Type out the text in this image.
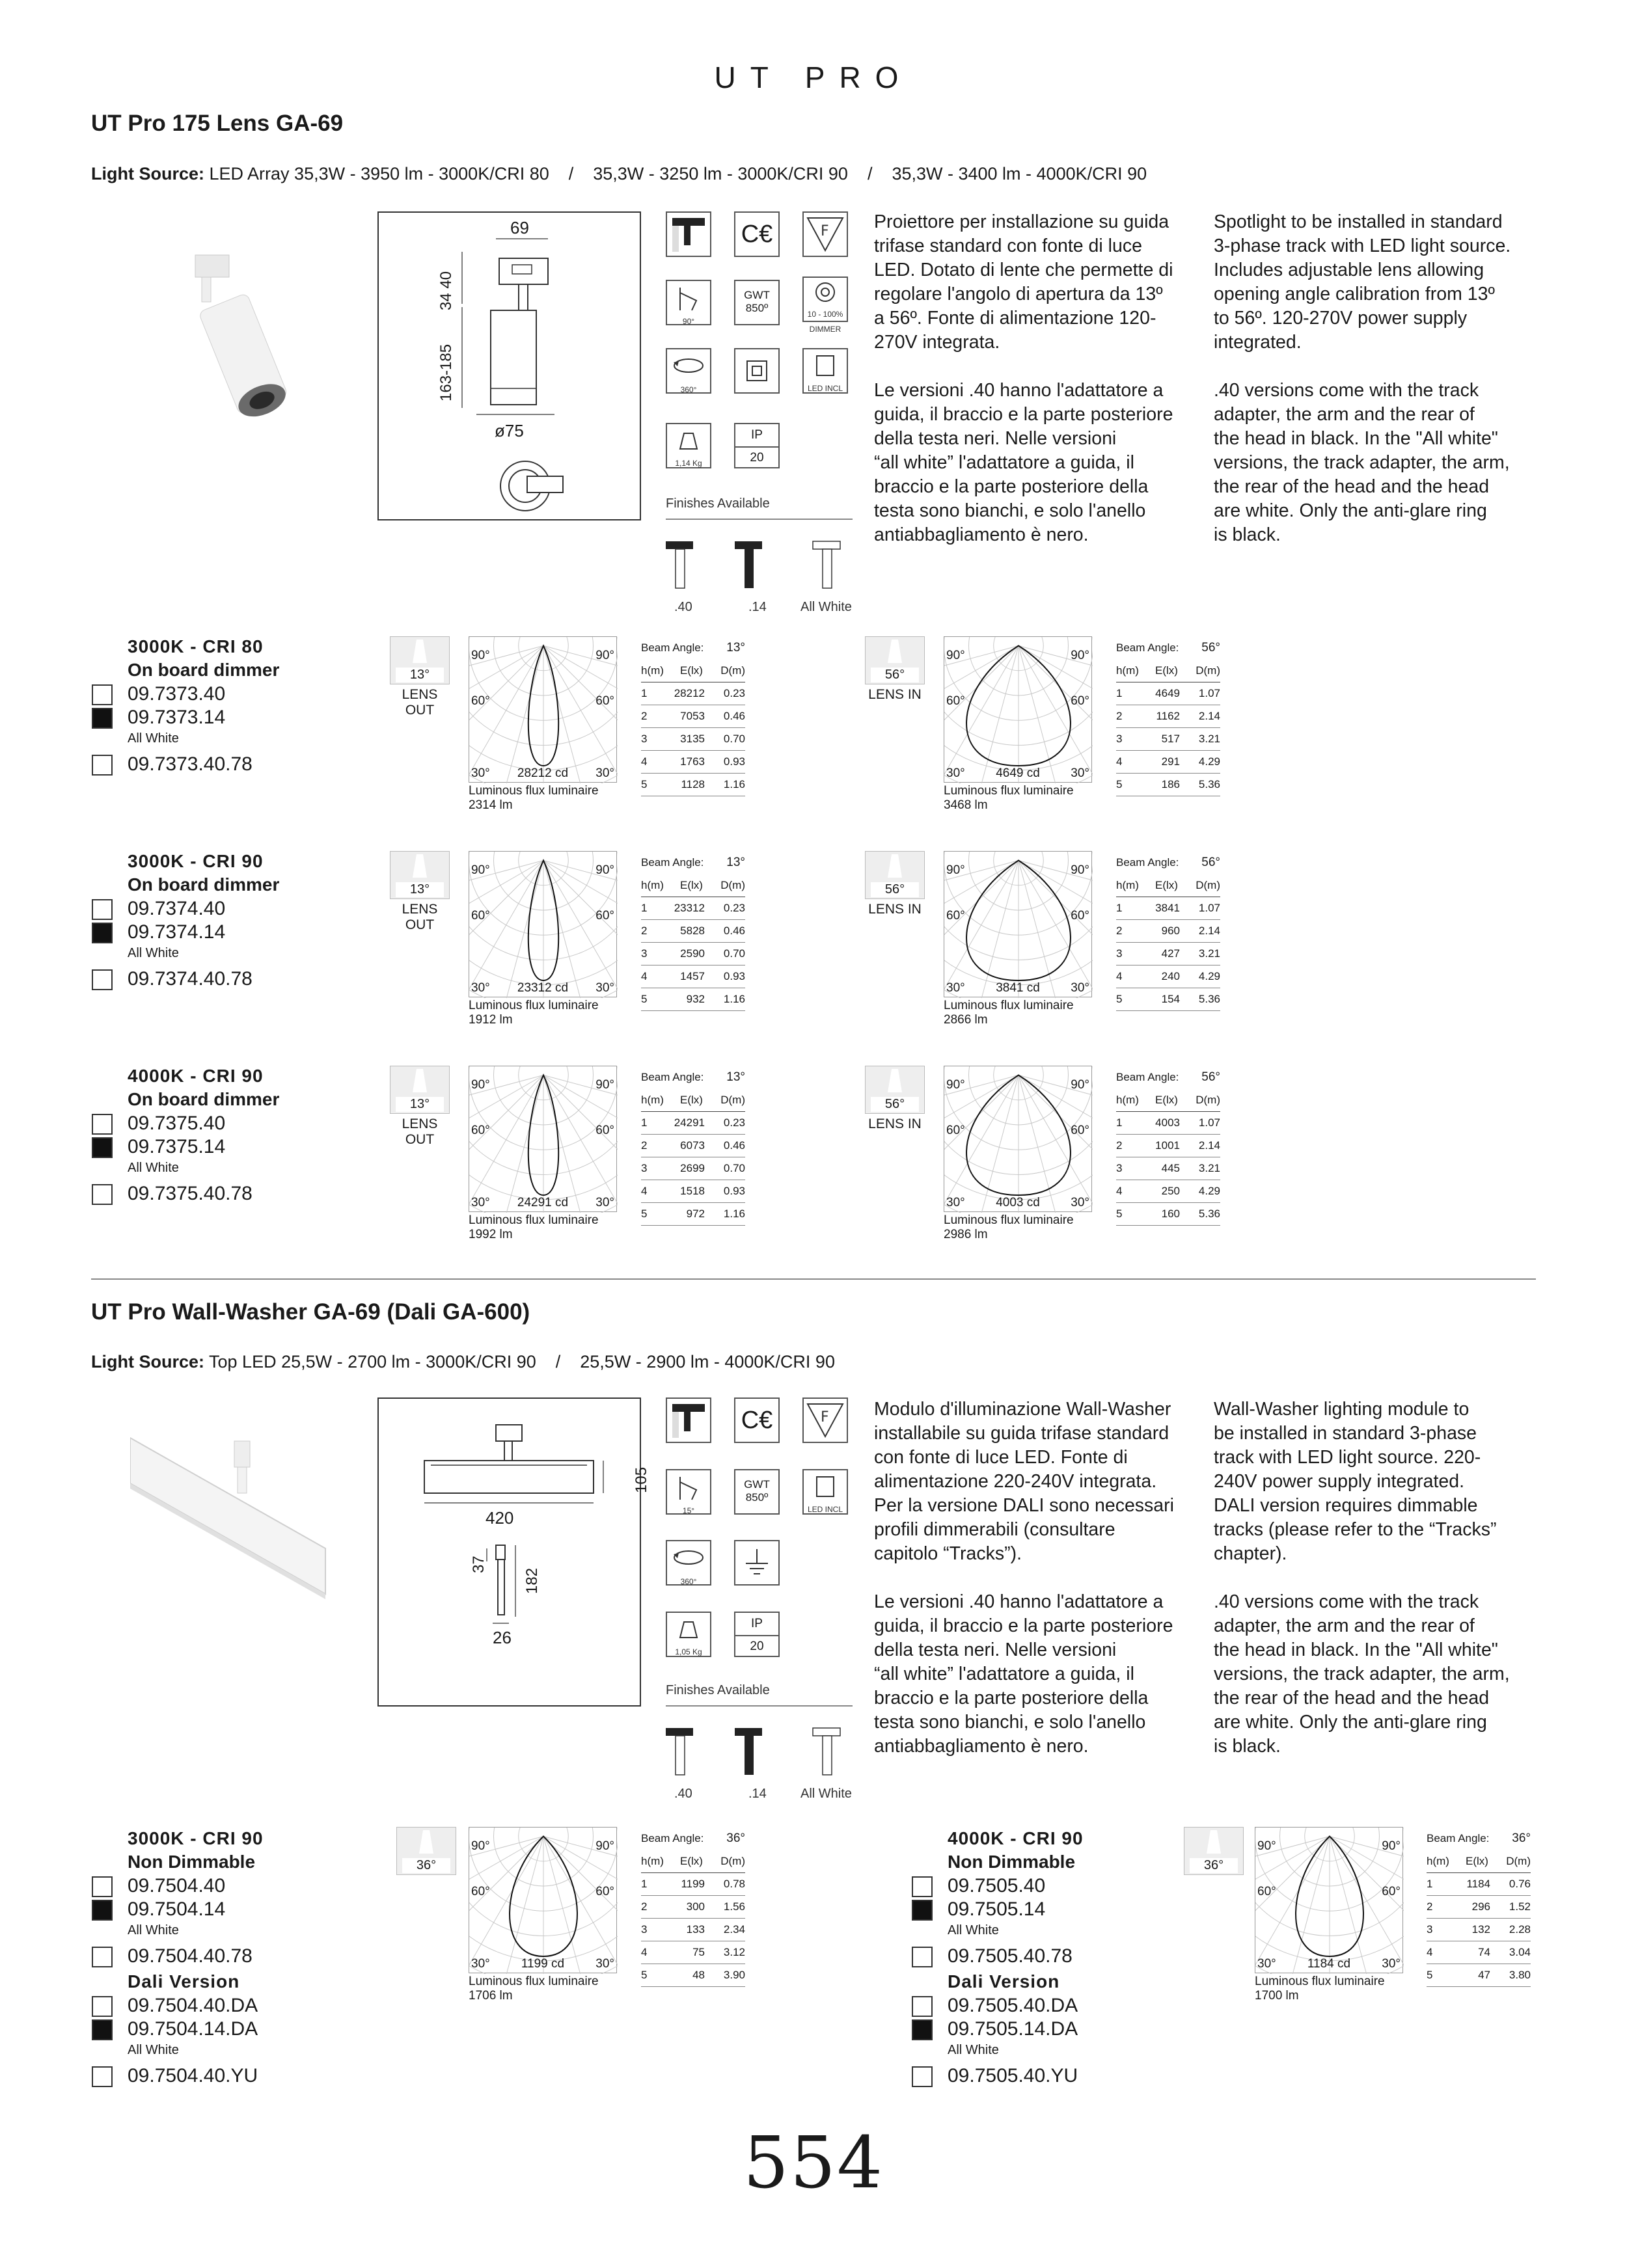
UT PRO
UT Pro 175 Lens GA-69
Light Source: LED Array 35,3W - 3950 lm - 3000K/CRI 80    /    35,3W - 3250 lm - 3000K/CRI 90    /    35,3W - 3400 lm - 4000K/CRI 90
69
34 40
163-185
ø75
C€	F
90°
GWT 850º	10 - 100%
DIMMER
360°	LED INCL
1,14 Kg
IP
20
Finishes Available
.40	.14	All White
Proiettore per installazione su guida
trifase standard con fonte di luce
LED. Dotato di lente che permette di
regolare l'angolo di apertura da 13º
a 56º. Fonte di alimentazione 120-
270V integrata.

Le versioni .40 hanno l'adattatore a
guida, il braccio e la parte posteriore
della testa neri. Nelle versioni
“all white” l'adattatore a guida, il
braccio e la parte posteriore della
testa sono bianchi, e solo l'anello
antiabbagliamento è nero.
Spotlight to be installed in standard
3-phase track with LED light source.
Includes adjustable lens allowing
opening angle calibration from 13º
to 56º. 120-270V power supply
integrated.

.40 versions come with the track
adapter, the arm and the rear of
the head in black. In the "All white"
versions, the track adapter, the arm,
the rear of the head and the head
are white. Only the anti-glare ring
is black.
3000K - CRI 80
On board dimmer
09.7373.40
09.7373.14
All White
09.7373.40.78
13°
LENS OUT
90°	90°
60°	60°
30°	30°
28212 cd
Luminous flux luminaire
2314 lm
Beam Angle: 13°
h(m) E(lx) D(m)
1 28212 0.23
2	7053 0.46
3	3135 0.70
4	1763 0.93
5	1128 1.16
56°
LENS IN
90°	90°
60°	60°
30°	30°
4649 cd
Luminous flux luminaire
3468 lm
Beam Angle: 56°
h(m) E(lx) D(m)
1	4649 1.07
2	1162 2.14
3	517 3.21
4	291 4.29
5	186 5.36
3000K - CRI 90
On board dimmer
09.7374.40
09.7374.14
All White
09.7374.40.78
13°
LENS OUT
90°	90°
60°	60°
30°	30°
23312 cd
Luminous flux luminaire
1912 lm
Beam Angle: 13°
h(m) E(lx) D(m)
1 23312 0.23
2	5828 0.46
3	2590 0.70
4	1457 0.93
5	932 1.16
56°
LENS IN
90°	90°
60°	60°
30°	30°
3841 cd
Luminous flux luminaire
2866 lm
Beam Angle: 56°
h(m) E(lx) D(m)
1	3841 1.07
2	960 2.14
3	427 3.21
4	240 4.29
5	154 5.36
4000K - CRI 90
On board dimmer
09.7375.40
09.7375.14
All White
09.7375.40.78
13°
LENS OUT
90°	90°
60°	60°
30°	30°
24291 cd
Luminous flux luminaire
1992 lm
Beam Angle: 13°
h(m) E(lx) D(m)
1 24291 0.23
2	6073 0.46
3	2699 0.70
4	1518 0.93
5	972 1.16
56°
LENS IN
90°	90°
60°	60°
30°	30°
4003 cd
Luminous flux luminaire
2986 lm
Beam Angle: 56°
h(m) E(lx) D(m)
1	4003 1.07
2	1001 2.14
3	445 3.21
4	250 4.29
5	160 5.36
UT Pro Wall-Washer GA-69 (Dali GA-600)
Light Source: Top LED 25,5W - 2700 lm - 3000K/CRI 90    /    25,5W - 2900 lm - 4000K/CRI 90
420
105
37
182
26
C€	F
15°
GWT 850º
LED INCL
360°
1,05 Kg
IP
20
Finishes Available
.40	.14	All White
Modulo d'illuminazione Wall-Washer
installabile su guida trifase standard
con fonte di luce LED. Fonte di
alimentazione 220-240V integrata.
Per la versione DALI sono necessari
profili dimmerabili (consultare
capitolo “Tracks”).

Le versioni .40 hanno l'adattatore a
guida, il braccio e la parte posteriore
della testa neri. Nelle versioni
“all white” l'adattatore a guida, il
braccio e la parte posteriore della
testa sono bianchi, e solo l'anello
antiabbagliamento è nero.
Wall-Washer lighting module to
be installed in standard 3-phase
track with LED light source. 220-
240V power supply integrated.
DALI version requires dimmable
tracks (please refer to the “Tracks”
chapter).

.40 versions come with the track
adapter, the arm and the rear of
the head in black. In the "All white"
versions, the track adapter, the arm,
the rear of the head and the head
are white. Only the anti-glare ring
is black.
3000K - CRI 90
Non Dimmable
09.7504.40
09.7504.14
All White
09.7504.40.78
Dali Version
09.7504.40.DA
09.7504.14.DA
All White
09.7504.40.YU
36°
90°	90°
60°	60°
30°	30°
1199 cd
Luminous flux luminaire
1706 lm
Beam Angle: 36°
h(m) E(lx) D(m)
1	1199 0.78
2	300 1.56
3	133 2.34
4	75 3.12
5	48 3.90
4000K - CRI 90
Non Dimmable
09.7505.40
09.7505.14
All White
09.7505.40.78
Dali Version
09.7505.40.DA
09.7505.14.DA
All White
09.7505.40.YU
36°
90°	90°
60°	60°
30°	30°
1184 cd
Luminous flux luminaire
1700 lm
Beam Angle: 36°
h(m) E(lx) D(m)
1	1184 0.76
2	296 1.52
3	132 2.28
4	74 3.04
5	47 3.80
554
